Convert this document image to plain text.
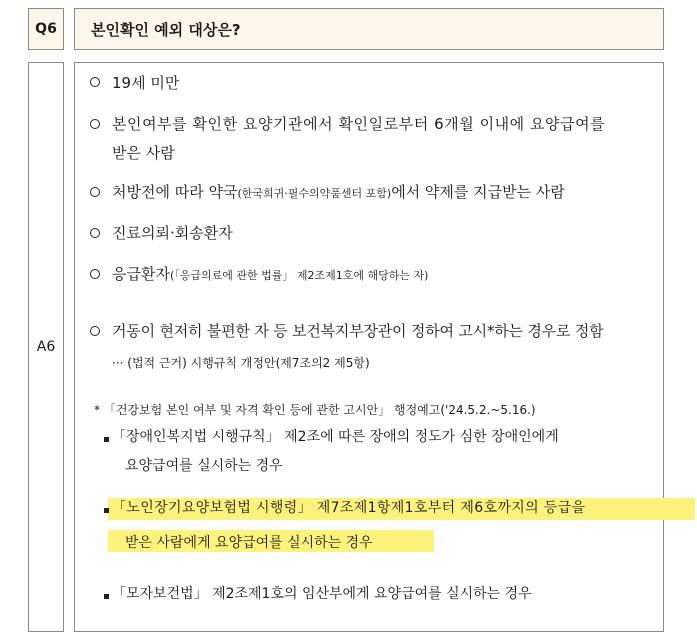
Q6	본인확인 예외 대상은?
A6
19세 미만
본인여부를 확인한 요양기관에서 확인일로부터 6개월 이내에 요양급여를
받은 사람
처방전에 따라 약국(한국희귀·필수의약품센터 포함)에서 약제를 지급받는 사람
진료의뢰·회송환자
응급환자(「응급의료에 관한 법률」 제2조제1호에 해당하는 자)
거동이 현저히 불편한 자 등 보건복지부장관이 정하여 고시*하는 경우로 정함
··· (법적 근거) 시행규칙 개정안(제7조의2 제5항)
* 「건강보험 본인 여부 및 자격 확인 등에 관한 고시안」 행정예고('24.5.2.~5.16.)
「장애인복지법 시행규칙」 제2조에 따른 장애의 정도가 심한 장애인에게
요양급여를 실시하는 경우
「노인장기요양보험법 시행령」 제7조제1항제1호부터 제6호까지의 등급을
받은 사람에게 요양급여를 실시하는 경우
「모자보건법」 제2조제1호의 임산부에게 요양급여를 실시하는 경우
